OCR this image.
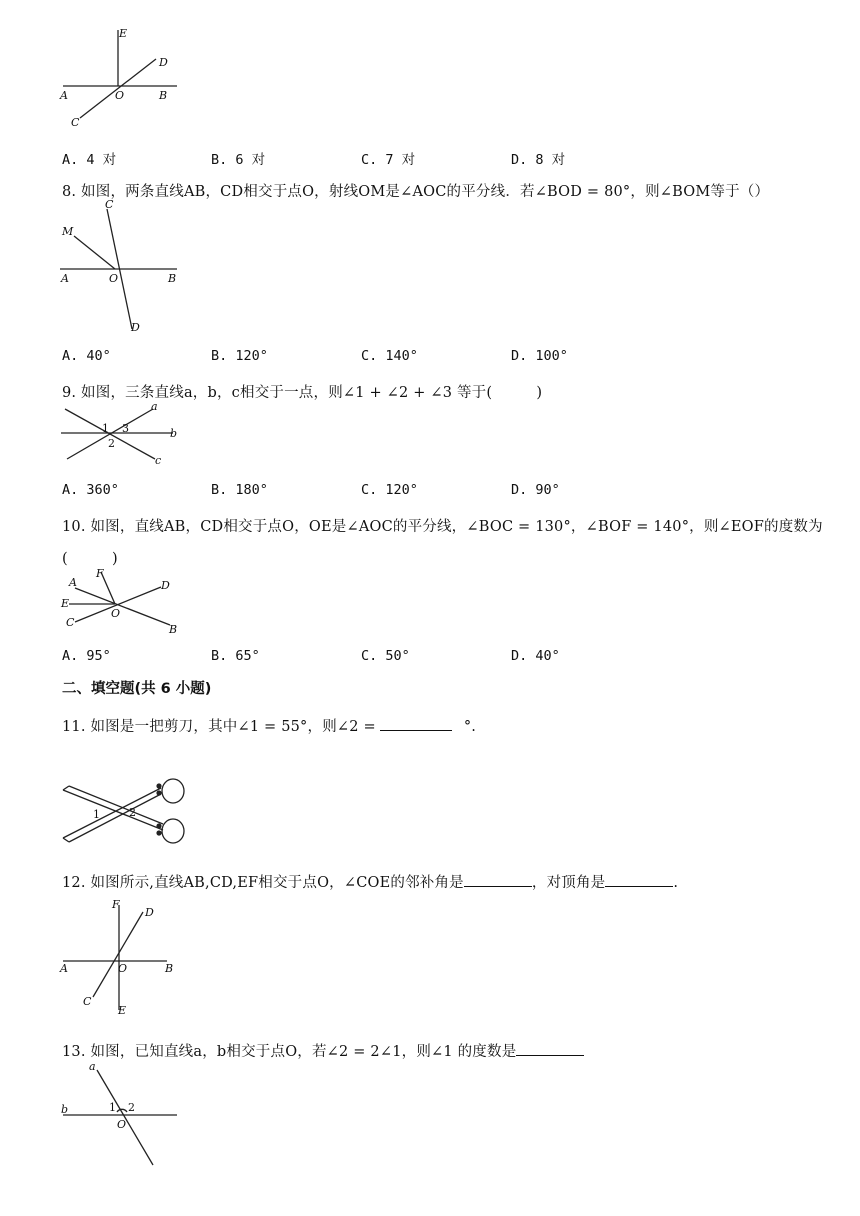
E
D
A	O	B
C
A. 4 对	B. 6 对	C. 7 对	D. 8 对
8. 如图，两条直线AB，CD相交于点O，射线OM是∠AOC的平分线．若∠BOD = 80°，则∠BOM等于（）
C
M
A	O	B
D
A. 40°	B. 120°	C. 140°	D. 100°
9. 如图，三条直线a，b，c相交于一点，则∠1 + ∠2 + ∠3 等于(　　　)
a
b
c
1
2
3
A. 360°	B. 180°	C. 120°	D. 90°
10. 如图，直线AB，CD相交于点O，OE是∠AOC的平分线，∠BOC = 130°，∠BOF = 140°，则∠EOF的度数为
(　　　)
A
F
D
E
O
C
B
A. 95°	B. 65°	C. 50°	D. 40°
二、填空题(共 6 小题)
11. 如图是一把剪刀，其中∠1 = 55°，则∠2 =	°.
1	2
12. 如图所示,直线AB,CD,EF相交于点O，∠COE的邻补角是	，对顶角是	.
F
D
A	O	B
C
E
13. 如图，已知直线a，b相交于点O，若∠2 = 2∠1，则∠1 的度数是
a
b	1 2
O
